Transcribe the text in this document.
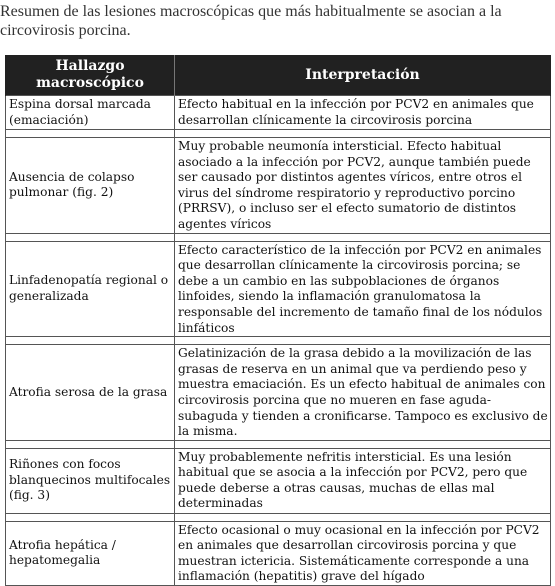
Resumen de las lesiones macroscópicas que más habitualmente se asocian a la
circovirosis porcina.
Hallazgo
macroscópico	Interpretación
Espina dorsal marcada (emaciación)	Efecto habitual en la infección por PCV2 en animales que desarrollan clínicamente la circovirosis porcina

Ausencia de colapso pulmonar (fig. 2)	Muy probable neumonía intersticial. Efecto habitual asociado a la infección por PCV2, aunque también puede ser causado por distintos agentes víricos, entre otros el virus del síndrome respiratorio y reproductivo porcino (PRRSV), o incluso ser el efecto sumatorio de distintos agentes víricos

Linfadenopatía regional o generalizada	Efecto característico de la infección por PCV2 en animales que desarrollan clínicamente la circovirosis porcina; se debe a un cambio en las subpoblaciones de órganos linfoides, siendo la inflamación granulomatosa la responsable del incremento de tamaño final de los nódulos linfáticos

Atrofia serosa de la grasa	Gelatinización de la grasa debido a la movilización de las grasas de reserva en un animal que va perdiendo peso y muestra emaciación. Es un efecto habitual de animales con circovirosis porcina que no mueren en fase aguda-subaguda y tienden a cronificarse. Tampoco es exclusivo de la misma.

Riñones con focos blanquecinos multifocales (fig. 3)	Muy probablemente nefritis intersticial. Es una lesión habitual que se asocia a la infección por PCV2, pero que puede deberse a otras causas, muchas de ellas mal determinadas

Atrofia hepática / hepatomegalia	Efecto ocasional o muy ocasional en la infección por PCV2 en animales que desarrollan circovirosis porcina y que muestran ictericia. Sistemáticamente corresponde a una inflamación (hepatitis) grave del hígado
